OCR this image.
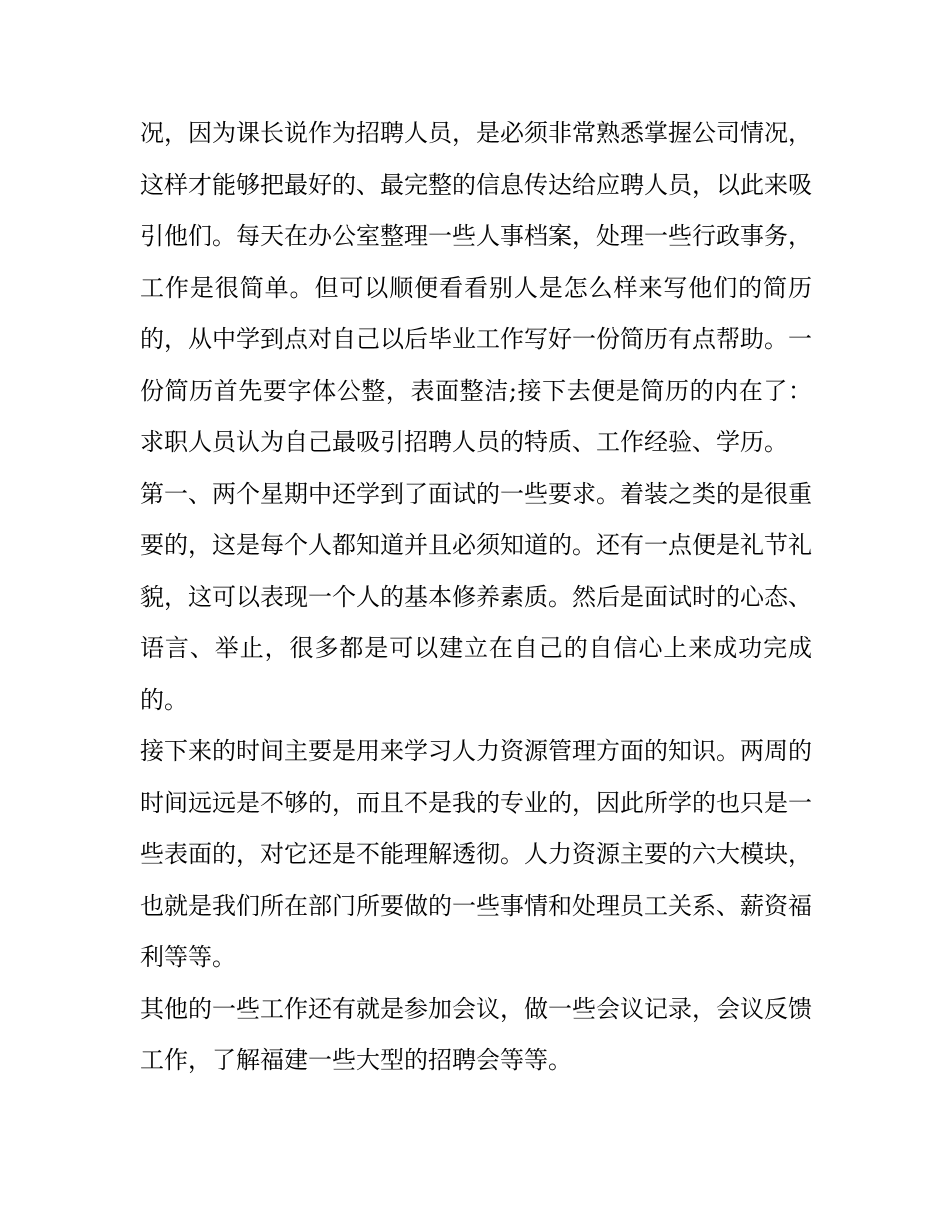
况，因为课长说作为招聘人员，是必须非常熟悉掌握公司情况，这样才能够把最好的、最完整的信息传达给应聘人员，以此来吸引他们。每天在办公室整理一些人事档案，处理一些行政事务，工作是很简单。但可以顺便看看别人是怎么样来写他们的简历的，从中学到点对自己以后毕业工作写好一份简历有点帮助。一份简历首先要字体公整，表面整洁;接下去便是简历的内在了：求职人员认为自己最吸引招聘人员的特质、工作经验、学历。

第一、两个星期中还学到了面试的一些要求。着装之类的是很重要的，这是每个人都知道并且必须知道的。还有一点便是礼节礼貌，这可以表现一个人的基本修养素质。然后是面试时的心态、语言、举止，很多都是可以建立在自己的自信心上来成功完成的。

接下来的时间主要是用来学习人力资源管理方面的知识。两周的时间远远是不够的，而且不是我的专业的，因此所学的也只是一些表面的，对它还是不能理解透彻。人力资源主要的六大模块，也就是我们所在部门所要做的一些事情和处理员工关系、薪资福利等等。

其他的一些工作还有就是参加会议，做一些会议记录，会议反馈工作，了解福建一些大型的招聘会等等。
